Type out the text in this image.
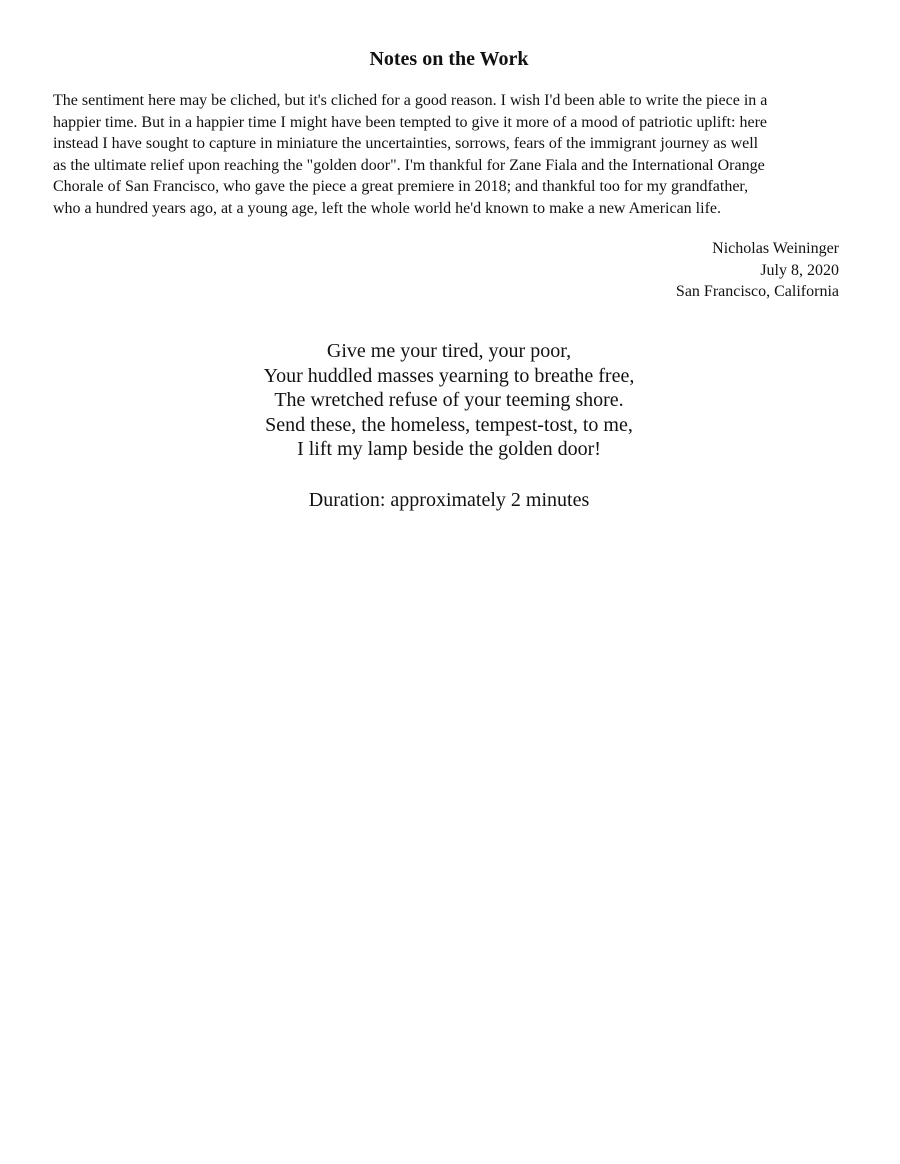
Notes on the Work

The sentiment here may be cliched, but it's cliched for a good reason. I wish I'd been able to write the piece in a
happier time. But in a happier time I might have been tempted to give it more of a mood of patriotic uplift: here
instead I have sought to capture in miniature the uncertainties, sorrows, fears of the immigrant journey as well
as the ultimate relief upon reaching the "golden door". I'm thankful for Zane Fiala and the International Orange
Chorale of San Francisco, who gave the piece a great premiere in 2018; and thankful too for my grandfather,
who a hundred years ago, at a young age, left the whole world he'd known to make a new American life.

Nicholas Weininger
July 8, 2020
San Francisco, California
Give me your tired, your poor,
Your huddled masses yearning to breathe free,
The wretched refuse of your teeming shore.
Send these, the homeless, tempest-tost, to me,
I lift my lamp beside the golden door!

Duration: approximately 2 minutes
